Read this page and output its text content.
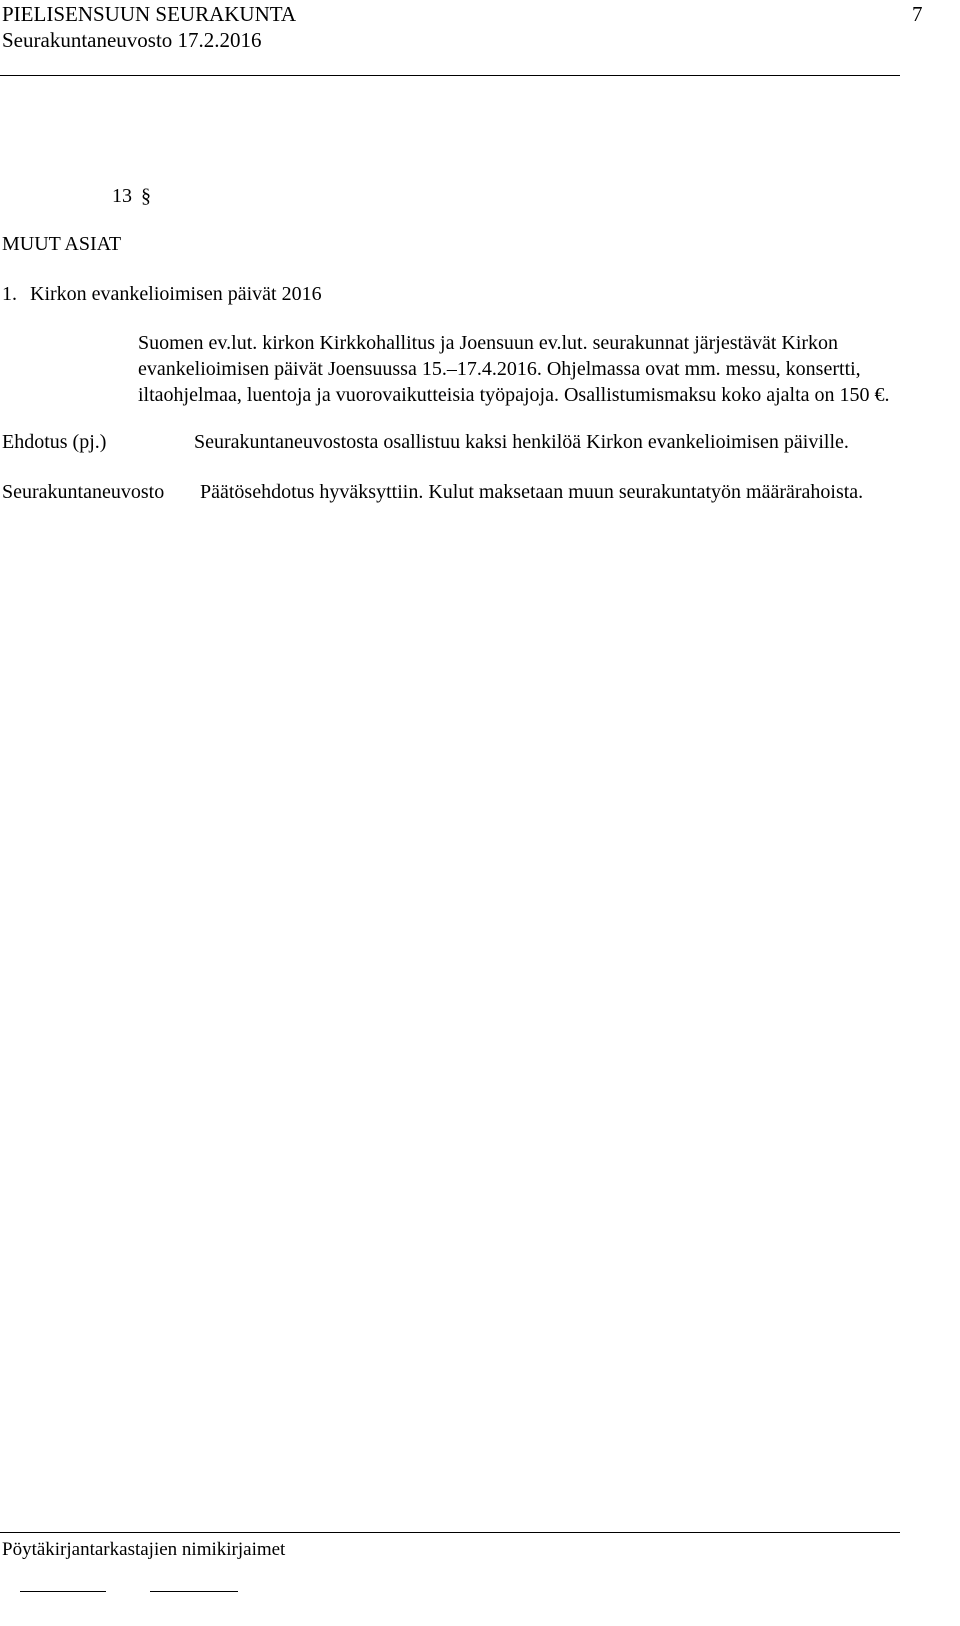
PIELISENSUUN SEURAKUNTA	7
Seurakuntaneuvosto 17.2.2016
13 §
MUUT ASIAT
1. Kirkon evankelioimisen päivät 2016
Suomen ev.lut. kirkon Kirkkohallitus ja Joensuun ev.lut. seurakunnat järjestävät Kirkon
evankelioimisen päivät Joensuussa 15.–17.4.2016. Ohjelmassa ovat mm. messu, konsertti,
iltaohjelmaa, luentoja ja vuorovaikutteisia työpajoja. Osallistumismaksu koko ajalta on 150 €.
Ehdotus (pj.)	Seurakuntaneuvostosta osallistuu kaksi henkilöä Kirkon evankelioimisen päiville.
Seurakuntaneuvosto Päätösehdotus hyväksyttiin. Kulut maksetaan muun seurakuntatyön määrärahoista.
Pöytäkirjantarkastajien nimikirjaimet
